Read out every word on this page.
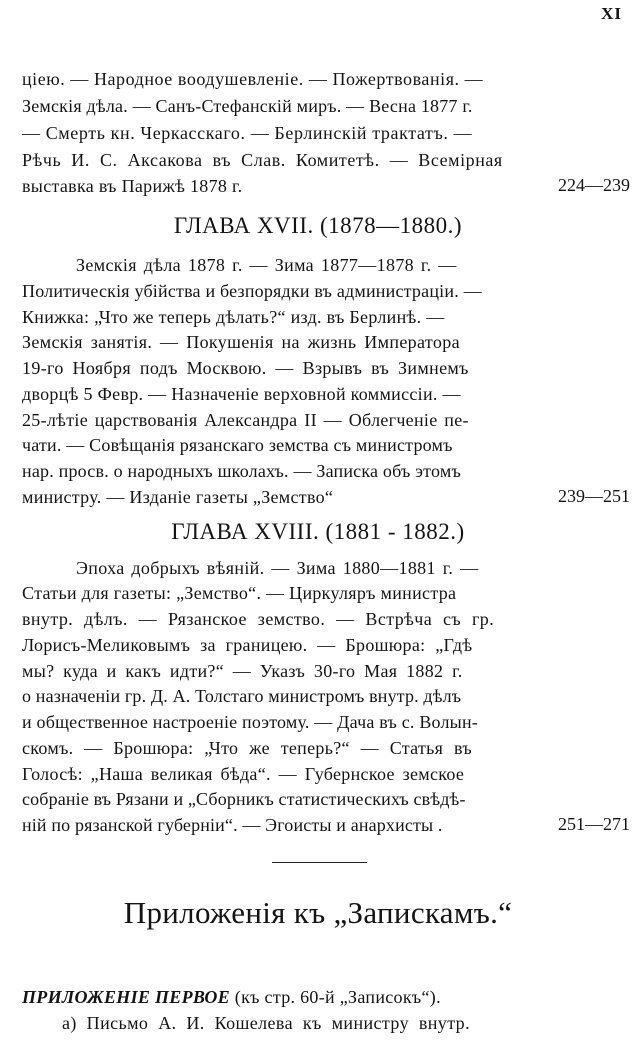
XI
цiею. — Народное воодушевленiе. — Пожертвованiя. —
Земскiя дѣла. — Санъ-Стефанскiй миръ. — Весна 1877 г.
— Смерть кн. Черкасскаго. — Берлинскiй трактатъ. —
Рѣчь И. С. Аксакова въ Слав. Комитетѣ. — Всемiрная
выставка въ Парижѣ 1878 г.	224—239
ГЛАВА XVII. (1878—1880.)
Земскiя дѣла 1878 г. — Зима 1877—1878 г. —
Политическiя убiйства и безпорядки въ администрацiи. —
Книжка: „Что же теперь дѣлать?“ изд. въ Берлинѣ. —
Земскiя занятiя. — Покушенiя на жизнь Императора
19-го Ноября подъ Москвою. — Взрывъ въ Зимнемъ
дворцѣ 5 Февр. — Назначенiе верховной коммиссiи. —
25-лѣтiе царствованiя Александра II — Облегченiе пе-
чати. — Совѣщанiя рязанскаго земства съ министромъ
нар. просв. о народныхъ школахъ. — Записка объ этомъ
министру. — Изданiе газеты „Земство“	239—251
ГЛАВА XVIII. (1881 - 1882.)
Эпоха добрыхъ вѣянiй. — Зима 1880—1881 г. —
Статьи для газеты: „Земство“. — Циркуляръ министра
внутр. дѣлъ. — Рязанское земство. — Встрѣча съ гр.
Лорисъ-Меликовымъ за границею. — Брошюра: „Гдѣ
мы? куда и какъ идти?“ — Указъ 30-го Мая 1882 г.
о назначенiи гр. Д. А. Толстаго министромъ внутр. дѣлъ
и общественное настроенiе поэтому. — Дача въ с. Волын-
скомъ. — Брошюра: „Что же теперь?“ — Статья въ
Голосѣ: „Наша великая бѣда“. — Губернское земское
собранiе въ Рязани и „Сборникъ статистическихъ свѣдѣ-
нiй по рязанской губернiи“. — Эгоисты и анархисты .	251—271
Приложенiя къ „Запискамъ.“
ПРИЛОЖЕНIЕ ПЕРВОЕ (къ стр. 60-й „Записокъ“).
а) Письмо А. И. Кошелева къ министру внутр.
